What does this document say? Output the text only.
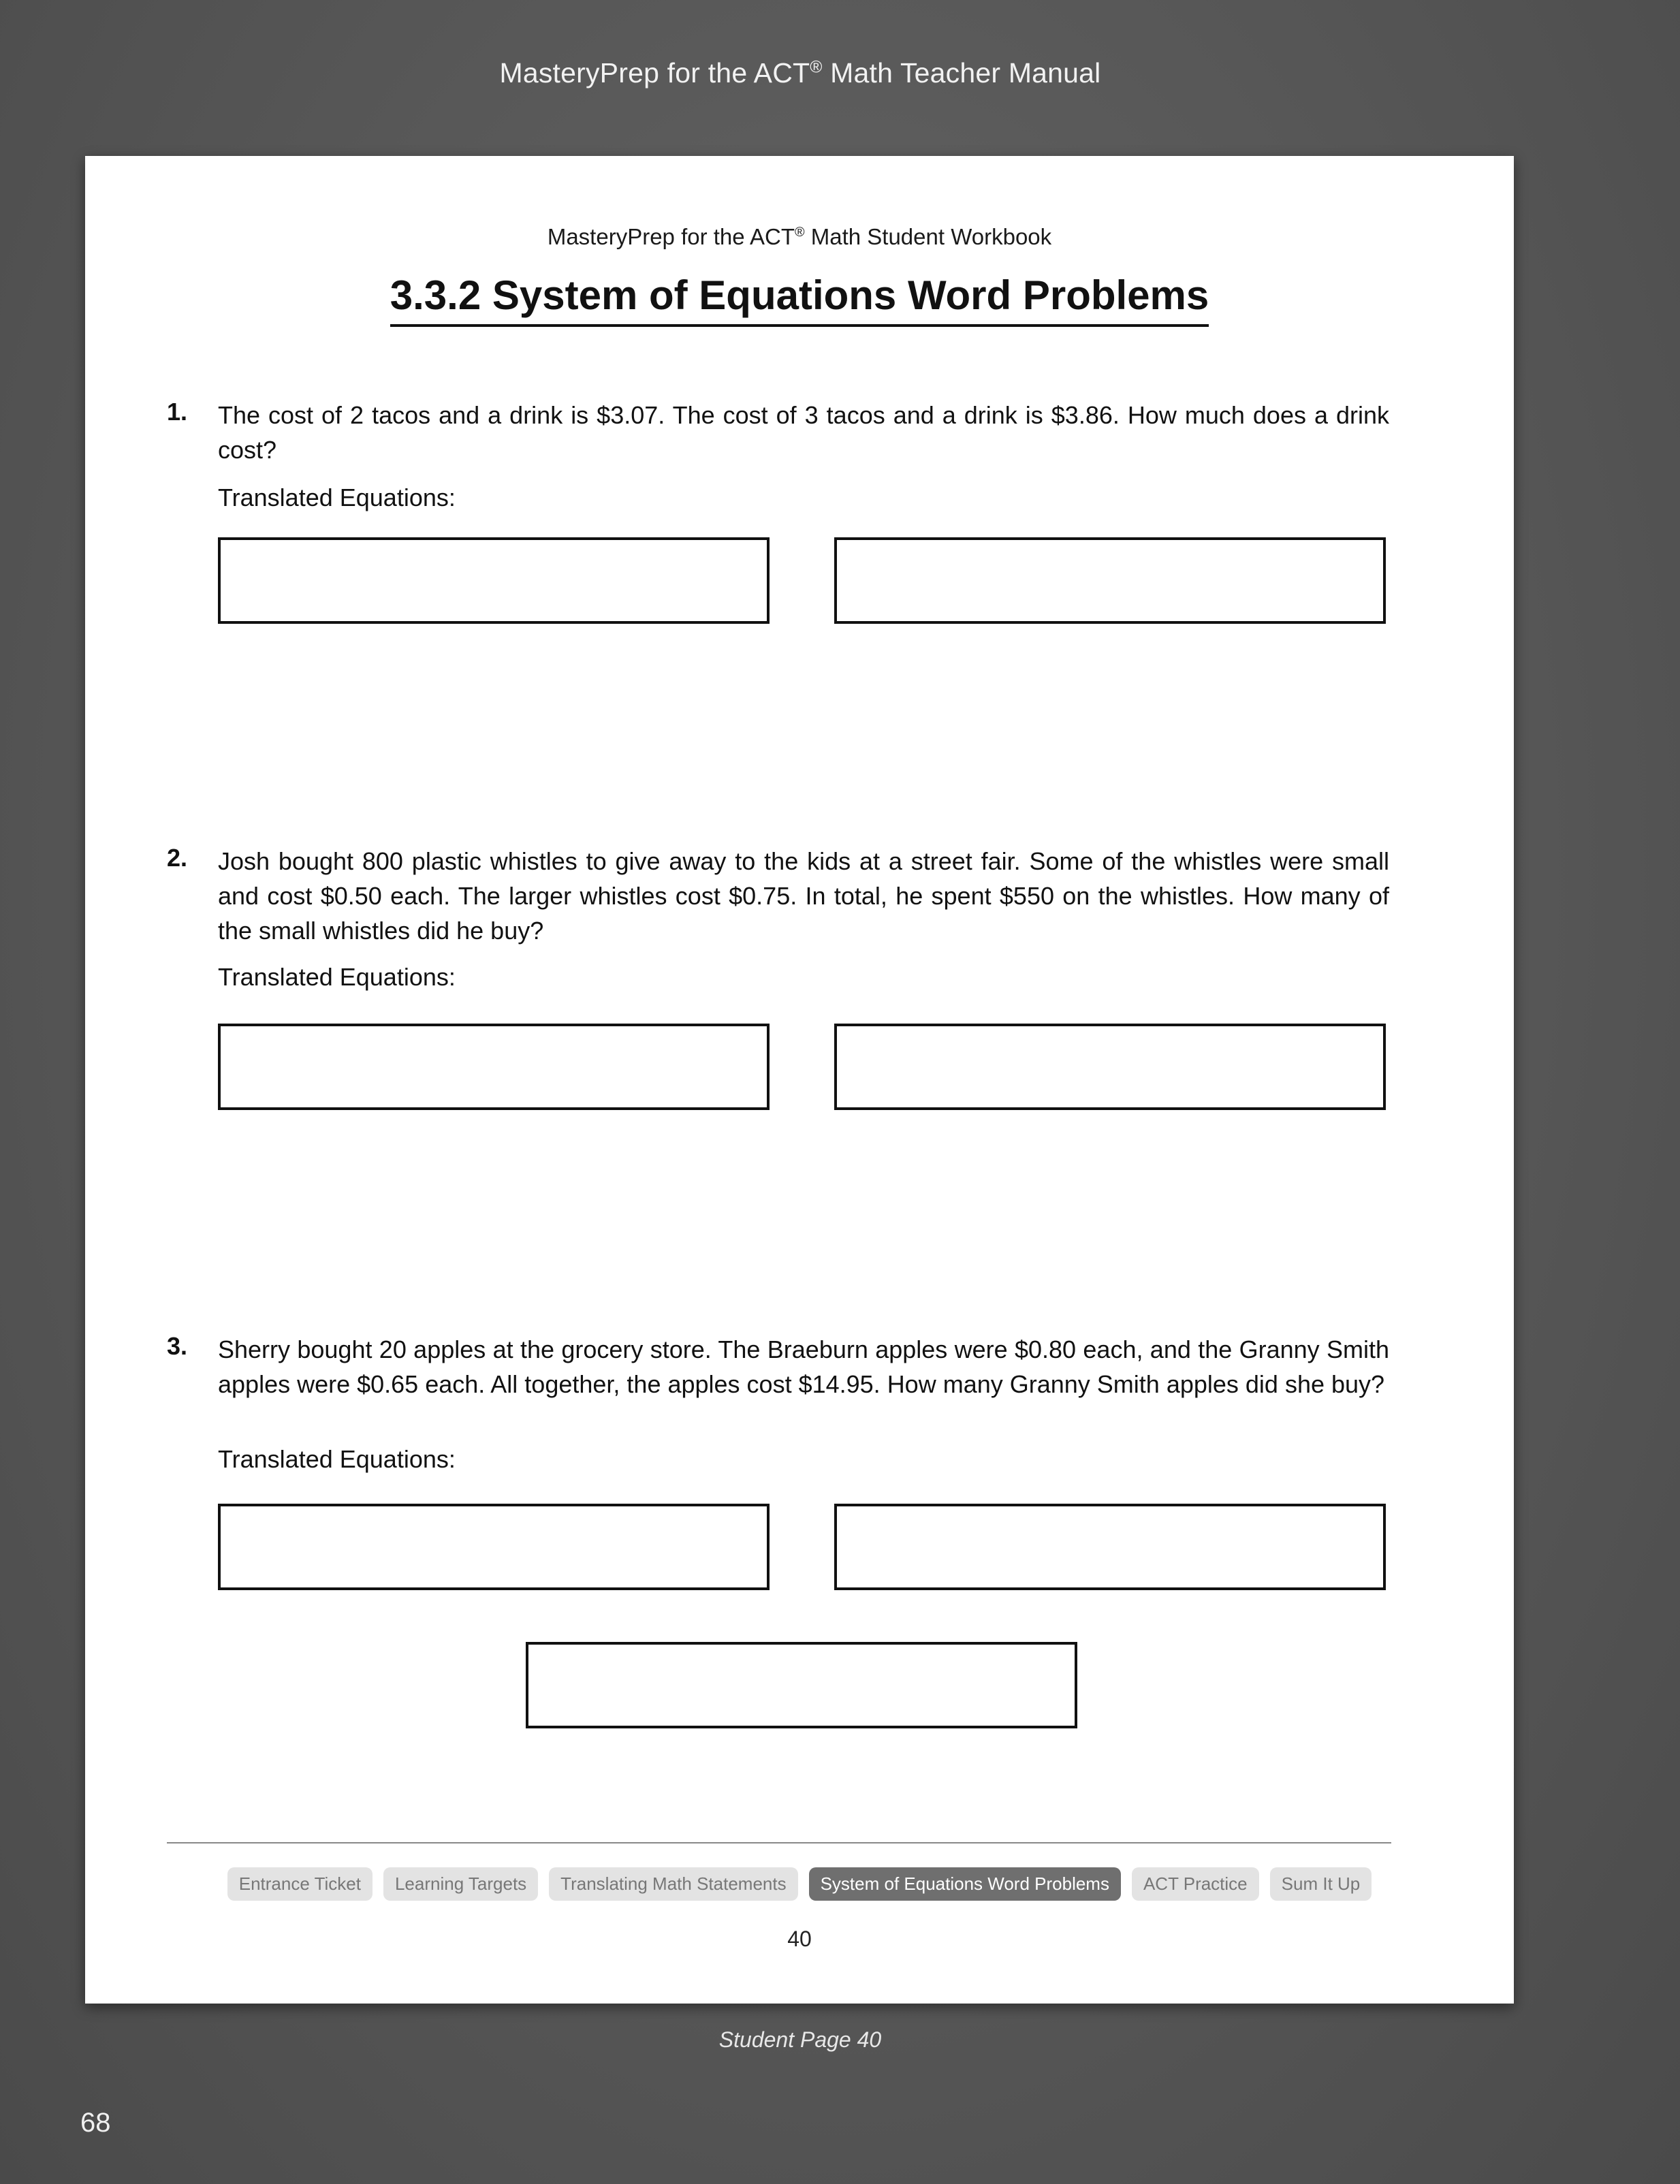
MasteryPrep for the ACT® Math Teacher Manual
MasteryPrep for the ACT® Math Student Workbook
3.3.2 System of Equations Word Problems
1. The cost of 2 tacos and a drink is $3.07. The cost of 3 tacos and a drink is $3.86. How much does a drink cost?
Translated Equations:
2. Josh bought 800 plastic whistles to give away to the kids at a street fair. Some of the whistles were small and cost $0.50 each. The larger whistles cost $0.75. In total, he spent $550 on the whistles. How many of the small whistles did he buy?
Translated Equations:
3. Sherry bought 20 apples at the grocery store. The Braeburn apples were $0.80 each, and the Granny Smith apples were $0.65 each. All together, the apples cost $14.95. How many Granny Smith apples did she buy?
Translated Equations:
Entrance Ticket	Learning Targets	Translating Math Statements	System of Equations Word Problems	ACT Practice	Sum It Up
40
Student Page 40
68
